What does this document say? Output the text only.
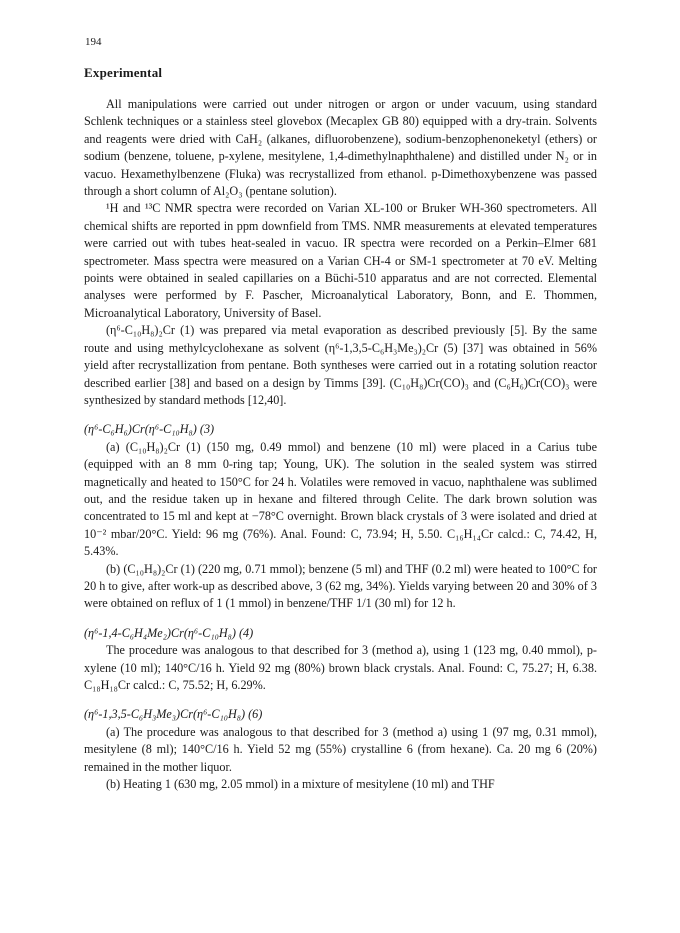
194
Experimental

All manipulations were carried out under nitrogen or argon or under vacuum, using standard Schlenk techniques or a stainless steel glovebox (Mecaplex GB 80) equipped with a dry-train. Solvents and reagents were dried with CaH₂ (alkanes, difluorobenzene), sodium-benzophenoneketyl (ethers) or sodium (benzene, toluene, p-xylene, mesitylene, 1,4-dimethylnaphthalene) and distilled under N₂ or in vacuo. Hexamethylbenzene (Fluka) was recrystallized from ethanol. p-Dimethoxybenzene was passed through a short column of Al₂O₃ (pentane solution).

¹H and ¹³C NMR spectra were recorded on Varian XL-100 or Bruker WH-360 spectrometers. All chemical shifts are reported in ppm downfield from TMS. NMR measurements at elevated temperatures were carried out with tubes heat-sealed in vacuo. IR spectra were recorded on a Perkin–Elmer 681 spectrometer. Mass spectra were measured on a Varian CH-4 or SM-1 spectrometer at 70 eV. Melting points were obtained in sealed capillaries on a Büchi-510 apparatus and are not corrected. Elemental analyses were performed by F. Pascher, Microanalytical Laboratory, Bonn, and E. Thommen, Microanalytical Laboratory, University of Basel.

(η⁶-C₁₀H₈)₂Cr (1) was prepared via metal evaporation as described previously [5]. By the same route and using methylcyclohexane as solvent (η⁶-1,3,5-C₆H₃Me₃)₂Cr (5) [37] was obtained in 56% yield after recrystallization from pentane. Both syntheses were carried out in a rotating solution reactor described earlier [38] and based on a design by Timms [39]. (C₁₀H₈)Cr(CO)₃ and (C₆H₆)Cr(CO)₃ were synthesized by standard methods [12,40].

(η⁶-C₆H₆)Cr(η⁶-C₁₀H₈) (3)

(a) (C₁₀H₈)₂Cr (1) (150 mg, 0.49 mmol) and benzene (10 ml) were placed in a Carius tube (equipped with an 8 mm 0-ring tap; Young, UK). The solution in the sealed system was stirred magnetically and heated to 150°C for 24 h. Volatiles were removed in vacuo, naphthalene was sublimed out, and the residue taken up in hexane and filtered through Celite. The dark brown solution was concentrated to 15 ml and kept at −78°C overnight. Brown black crystals of 3 were isolated and dried at 10⁻² mbar/20°C. Yield: 96 mg (76%). Anal. Found: C, 73.94; H, 5.50. C₁₆H₁₄Cr calcd.: C, 74.42, H, 5.43%.

(b) (C₁₀H₈)₂Cr (1) (220 mg, 0.71 mmol); benzene (5 ml) and THF (0.2 ml) were heated to 100°C for 20 h to give, after work-up as described above, 3 (62 mg, 34%). Yields varying between 20 and 30% of 3 were obtained on reflux of 1 (1 mmol) in benzene/THF 1/1 (30 ml) for 12 h.

(η⁶-1,4-C₆H₄Me₂)Cr(η⁶-C₁₀H₈) (4)

The procedure was analogous to that described for 3 (method a), using 1 (123 mg, 0.40 mmol), p-xylene (10 ml); 140°C/16 h. Yield 92 mg (80%) brown black crystals. Anal. Found: C, 75.27; H, 6.38. C₁₈H₁₈Cr calcd.: C, 75.52; H, 6.29%.

(η⁶-1,3,5-C₆H₃Me₃)Cr(η⁶-C₁₀H₈) (6)

(a) The procedure was analogous to that described for 3 (method a) using 1 (97 mg, 0.31 mmol), mesitylene (8 ml); 140°C/16 h. Yield 52 mg (55%) crystalline 6 (from hexane). Ca. 20 mg 6 (20%) remained in the mother liquor.

(b) Heating 1 (630 mg, 2.05 mmol) in a mixture of mesitylene (10 ml) and THF
